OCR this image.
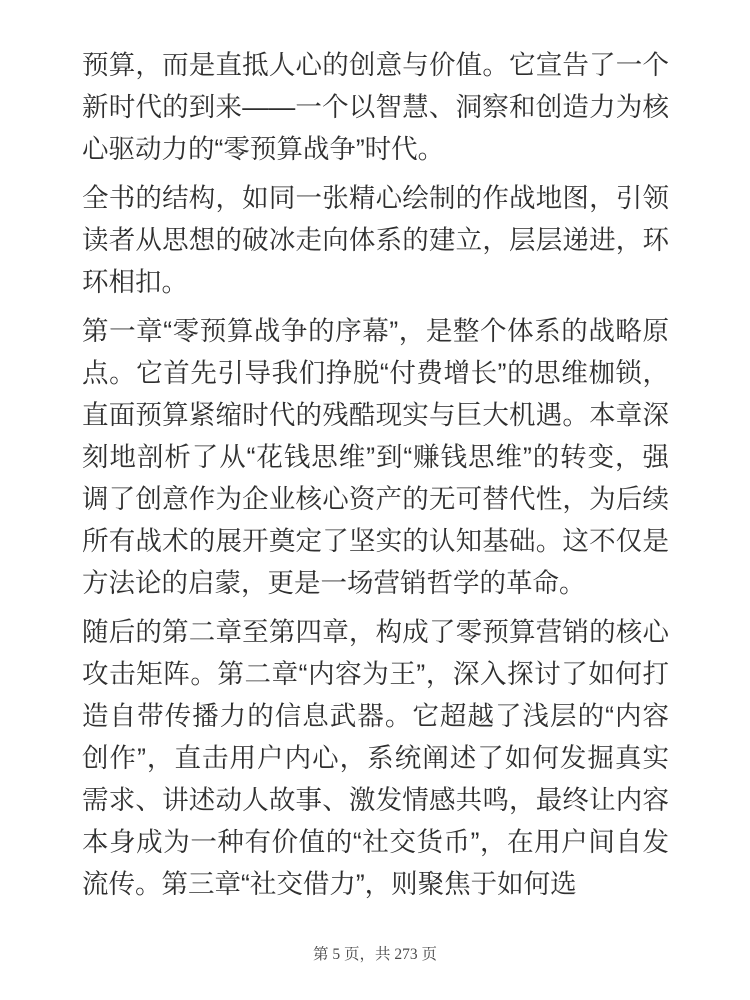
预算，而是直抵人心的创意与价值。它宣告了一个新时代的到来——一个以智慧、洞察和创造力为核心驱动力的“零预算战争”时代。

全书的结构，如同一张精心绘制的作战地图，引领读者从思想的破冰走向体系的建立，层层递进，环环相扣。

第一章“零预算战争的序幕”，是整个体系的战略原点。它首先引导我们挣脱“付费增长”的思维枷锁，直面预算紧缩时代的残酷现实与巨大机遇。本章深刻地剖析了从“花钱思维”到“赚钱思维”的转变，强调了创意作为企业核心资产的无可替代性，为后续所有战术的展开奠定了坚实的认知基础。这不仅是方法论的启蒙，更是一场营销哲学的革命。

随后的第二章至第四章，构成了零预算营销的核心攻击矩阵。第二章“内容为王”，深入探讨了如何打造自带传播力的信息武器。它超越了浅层的“内容创作”，直击用户内心，系统阐述了如何发掘真实需求、讲述动人故事、激发情感共鸣，最终让内容本身成为一种有价值的“社交货币”，在用户间自发流传。第三章“社交借力”，则聚焦于如何选

第 5 页，共 273 页
